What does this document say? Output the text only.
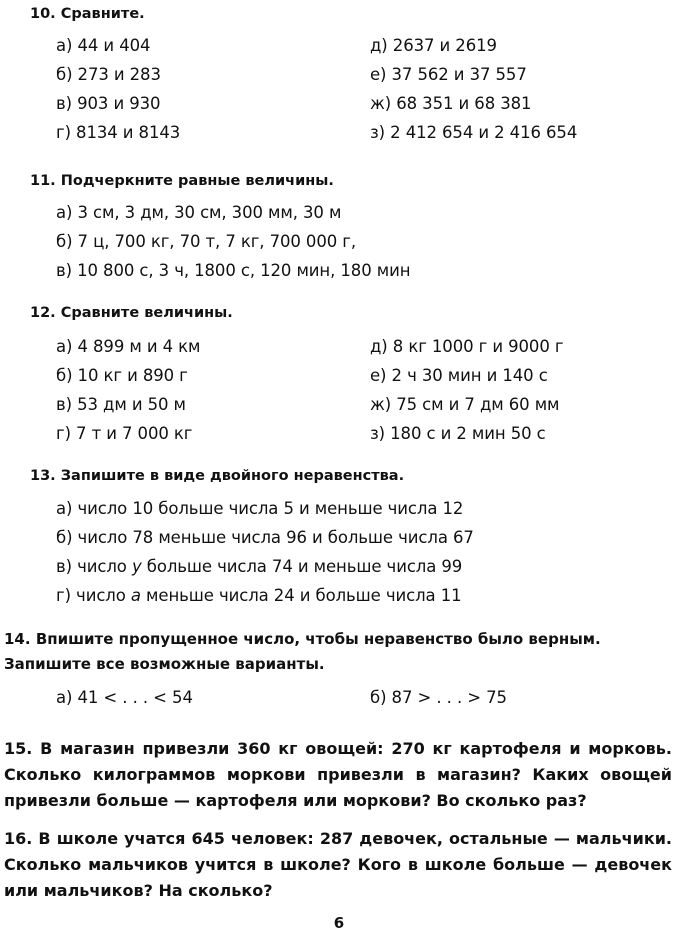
10. Сравните.
а) 44 и 404
б) 273 и 283
в) 903 и 930
г) 8134 и 8143
д) 2637 и 2619
е) 37 562 и 37 557
ж) 68 351 и 68 381
з) 2 412 654 и 2 416 654
11. Подчеркните равные величины.
а) 3 см, 3 дм, 30 см, 300 мм, 30 м
б) 7 ц, 700 кг, 70 т, 7 кг, 700 000 г,
в) 10 800 с, 3 ч, 1800 с, 120 мин, 180 мин
12. Сравните величины.
а) 4 899 м и 4 км
б) 10 кг и 890 г
в) 53 дм и 50 м
г) 7 т и 7 000 кг
д) 8 кг 1000 г и 9000 г
е) 2 ч 30 мин и 140 с
ж) 75 см и 7 дм 60 мм
з) 180 с и 2 мин 50 с
13. Запишите в виде двойного неравенства.
а) число 10 больше числа 5 и меньше числа 12
б) число 78 меньше числа 96 и больше числа 67
в) число у больше числа 74 и меньше числа 99
г) число а меньше числа 24 и больше числа 11
14. Впишите пропущенное число, чтобы неравенство было верным.
Запишите все возможные варианты.
а) 41 < . . . < 54	б) 87 > . . . > 75
15. В магазин привезли 360 кг овощей: 270 кг картофеля и морковь. Сколько килограммов моркови привезли в магазин? Каких овощей привезли больше — картофеля или моркови? Во сколько раз?
16. В школе учатся 645 человек: 287 девочек, остальные — мальчики. Сколько мальчиков учится в школе? Кого в школе больше — девочек или мальчиков? На сколько?
6
